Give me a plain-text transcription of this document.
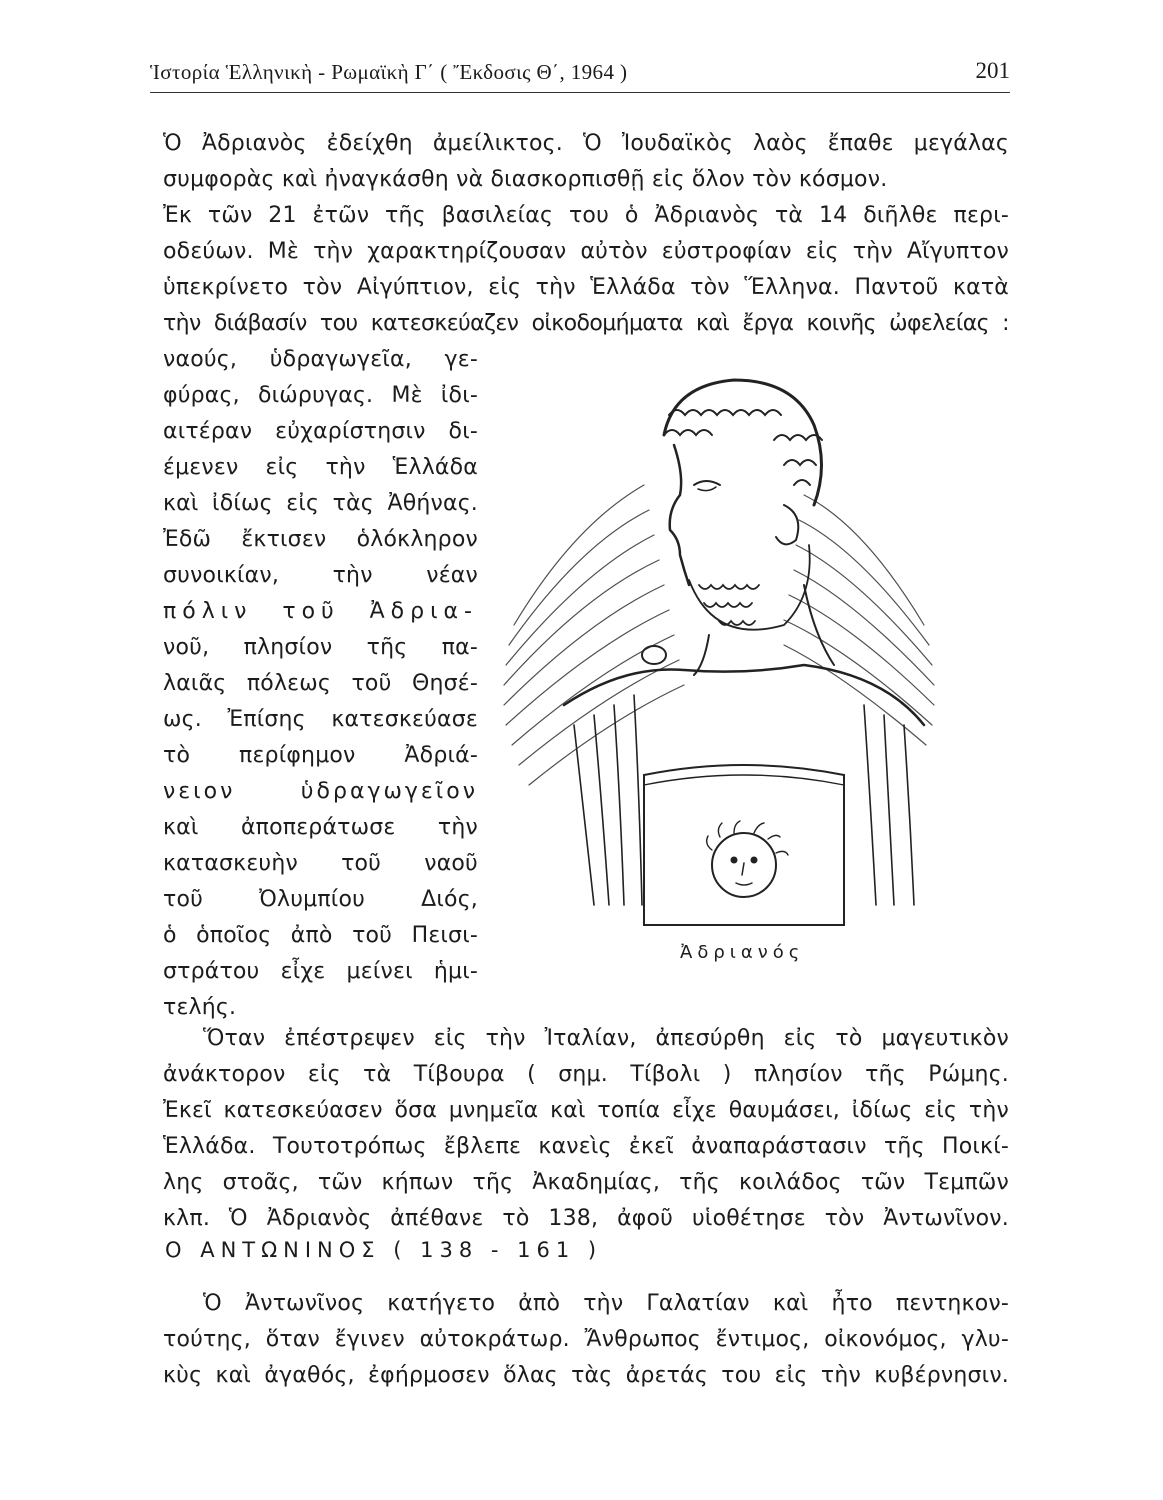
Ἱστορία Ἑλληνικὴ - Ρωμαϊκὴ Γ΄ ( Ἔκδοσις Θ΄, 1964 )	201
Ὁ Ἀδριανὸς ἐδείχθη ἀμείλικτος. Ὁ Ἰουδαϊκὸς λαὸς ἔπαθε μεγάλας
συμφορὰς καὶ ἠναγκάσθη νὰ διασκορπισθῇ εἰς ὅλον τὸν κόσμον.
Ἐκ τῶν 21 ἐτῶν τῆς βασιλείας του ὁ Ἀδριανὸς τὰ 14 διῆλθε περι-
οδεύων. Μὲ τὴν χαρακτηρίζουσαν αὐτὸν εὐστροφίαν εἰς τὴν Αἴγυπτον
ὑπεκρίνετο τὸν Αἰγύπτιον, εἰς τὴν Ἑλλάδα τὸν Ἕλληνα. Παντοῦ κατὰ
τὴν διάβασίν του κατεσκεύαζεν οἰκοδομήματα καὶ ἔργα κοινῆς ὠφελείας :
ναούς, ὑδραγωγεῖα, γε-
φύρας, διώρυγας. Μὲ ἰδι-
αιτέραν εὐχαρίστησιν δι-
έμενεν εἰς τὴν Ἑλλάδα
καὶ ἰδίως εἰς τὰς Ἀθήνας.
Ἐδῶ ἔκτισεν ὁλόκληρον
συνοικίαν, τὴν νέαν
πόλιν τοῦ Ἀδρια-
νοῦ, πλησίον τῆς πα-
λαιᾶς πόλεως τοῦ Θησέ-
ως. Ἐπίσης κατεσκεύασε
τὸ περίφημον Ἀδριά-
νειον ὑδραγωγεῖον
καὶ ἀποπεράτωσε τὴν
κατασκευὴν τοῦ ναοῦ
τοῦ Ὀλυμπίου Διός,
ὁ ὁποῖος ἀπὸ τοῦ Πεισι-
στράτου εἶχε μείνει ἡμι-
τελής.
Ὅταν ἐπέστρεψεν εἰς τὴν Ἰταλίαν, ἀπεσύρθη εἰς τὸ μαγευτικὸν
ἀνάκτορον εἰς τὰ Τίβουρα ( σημ. Τίβολι ) πλησίον τῆς Ρώμης.
Ἐκεῖ κατεσκεύασεν ὅσα μνημεῖα καὶ τοπία εἶχε θαυμάσει, ἰδίως εἰς τὴν
Ἑλλάδα. Τουτοτρόπως ἔβλεπε κανεὶς ἐκεῖ ἀναπαράστασιν τῆς Ποικί-
λης στοᾶς, τῶν κήπων τῆς Ἀκαδημίας, τῆς κοιλάδος τῶν Τεμπῶν
κλπ. Ὁ Ἀδριανὸς ἀπέθανε τὸ 138, ἀφοῦ υἱοθέτησε τὸν Ἀντωνῖνον.
Ὁ Ἀντωνῖνος κατήγετο ἀπὸ τὴν Γαλατίαν καὶ ἦτο πεντηκον-
τούτης, ὅταν ἔγινεν αὐτοκράτωρ. Ἄνθρωπος ἔντιμος, οἰκονόμος, γλυ-
κὺς καὶ ἀγαθός, ἐφήρμοσεν ὅλας τὰς ἀρετάς του εἰς τὴν κυβέρνησιν.
Ο ΑΝΤΩΝΙΝΟΣ ( 138 - 161 )
Ἀδριανός
